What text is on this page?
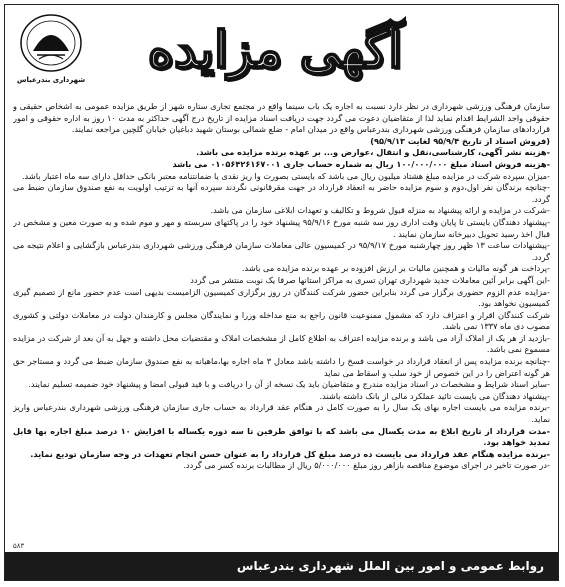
شهرداری بندرعباس
آگهی مزایده

سازمان فرهنگی ورزشی شهرداری در نظر دارد نسبت به اجاره یک باب سینما واقع در مجتمع تجاری ستاره شهر از طریق مزایده عمومی به اشخاص حقیقی و حقوقی واجد الشرایط اقدام نماید لذا از متقاضیان دعوت می گردد جهت دریافت اسناد مزایده از تاریخ درج آگهی حداکثر به مدت ۱۰ روز به اداره حقوقی و امور قراردادهای سازمان فرهنگی ورزشی شهرداری بندرعباس واقع در میدان امام - ضلع شمالی بوستان شهید دباغیان خیابان گلچین مراجعه نمایند.

(فروش اسناد از تاریخ ۹۵/۹/۴ لغایت ۹۵/۹/۱۳)

-هزینه نشر آگهی، کارشناسی،نقل و انتقال ،عوارض و... بر عهده برنده مزایده می باشد.

-هزینه فروش اسناد مبلغ ۱۰۰/۰۰۰/۰۰۰ ریال به شماره حساب جاری ۰۱۰۵۶۴۲۶۱۶۷۰۰۱ می باشد

-میزان سپرده شرکت در مزایده مبلغ هشتاد میلیون ریال می باشد که بایستی بصورت وا ریز نقدی یا ضمانتنامه معتبر بانکی حداقل دارای سه ماه اعتبار باشد.

-چنانچه برندگان نفر اول،دوم و سوم مزایده حاضر به انعقاد قرارداد در جهت مقرقانونی نگردند سپرده آنها به ترتیب اولویت به نفع صندوق سازمان ضبط می گردد.

-شرکت در مزایده و ارائه پیشنهاد به منزله قبول شروط و تکالیف و تعهدات ابلاغی سازمان می باشد.

-پیشنهاد دهندگان بایستی تا پایان وقت اداری روز سه شنبه مورخ ۹۵/۹/۱۶ پیشنهاد خود را در پاکتهای سربسته و مهر و موم شده و به صورت معین و مشخص در قبال اخذ رسید تحویل دبیرخانه سازمان نمایند .

-پیشنهادات ساعت ۱۳ ظهر روز چهارشنبه مورخ ۹۵/۹/۱۷ در کمیسیون عالی معاملات سازمان فرهنگی ورزشی شهرداری بندرعباس بازگشایی و اعلام نتیجه می گردد.

-پرداخت هر گونه مالیات و همچنین مالیات بر ارزش افزوده بر عهده برنده مزایده می باشد.

-این آگهی برابر آئین معاملات جدید شهرداری تهران تسری به مراکز استانها صرفا یک نوبت منتشر می گردد

-مزایده عدم الزوم حضوری برگزار می گردد بنابراین حضور شرکت کنندگان در روز برگزاری کمیسیون الزامیست بدیهی است عدم حضور مانع از تصمیم گیری کمیسیون نخواهد بود.

شرکت کنندگان اقرار و اعتراف دارد که مشمول ممنوعیت قانون راجع به منع مداخله وزرا و نمایندگان مجلس و کارمندان دولت در معاملات دولتی و کشوری مصوب دی ماه ۱۳۳۷ نمی باشد.

-بازدید از هر یک از املاک آزاد می باشد و برنده مزایده اعتراف به اطلاع کامل از مشخصات املاک و مقتضیات محل داشته و جهل به آن بعد از شرکت در مزایده مسموع نمی باشد.

-چنانچه برنده مزایده پس از انعقاد قرارداد در خواست فسخ را داشته باشد معادل ۳ ماه اجاره بها،ماهیانه به نفع صندوق سازمان ضبط می گردد و مستاجر حق هر گونه اعتراض را در این خصوص از خود سلب و اسقاط می نماید

-سایر اسناد شرایط و مشخصات در اسناد مزایده مندرج و متقاضیان باید یک نسخه از آن را دریافت و با قید قبولی امضا و پیشنهاد خود ضمیمه تسلیم نمایند.

-پیشنهاد دهندگان می بایست تائید عملکرد مالی از بانک داشته باشند.

-برنده مزایده می بایست اجاره بهای یک سال را به صورت کامل در هنگام عقد قرارداد به حساب جاری سازمان فرهنگی ورزشی شهرداری بندرعباس واریز نماید.

-مدت قرارداد از تاریخ ابلاغ به مدت یکسال می باشد که با توافق طرفین تا سه دوره یکساله با افزایش ۱۰ درصد مبلغ اجاره بها قابل تمدید خواهد بود.

-برنده مزایده هنگام عقد قرارداد می بایست ده درصد مبلغ کل قرارداد را به عنوان حسن انجام تعهدات در وجه سازمان تودیع نماید.

-در صورت تاخیر در اجرای موضوع مناقصه بازاهر روز مبلغ ۵/۰۰۰/۰۰۰ ریال از مطالبات برنده کسر می گردد.

۵۸۳
روابط عمومی و امور بین الملل شهرداری بندرعباس
